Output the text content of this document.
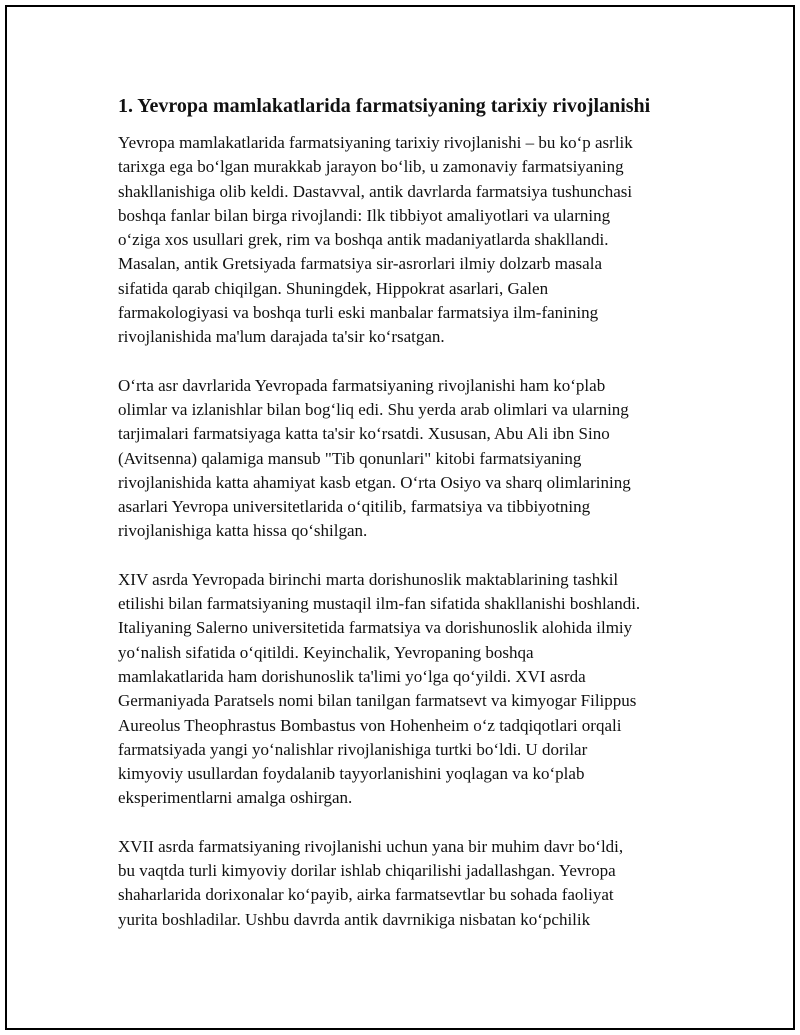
1. Yevropa mamlakatlarida farmatsiyaning tarixiy rivojlanishi

Yevropa mamlakatlarida farmatsiyaning tarixiy rivojlanishi – bu ko‘p asrlik
tarixga ega bo‘lgan murakkab jarayon bo‘lib, u zamonaviy farmatsiyaning
shakllanishiga olib keldi. Dastavval, antik davrlarda farmatsiya tushunchasi
boshqa fanlar bilan birga rivojlandi: Ilk tibbiyot amaliyotlari va ularning
o‘ziga xos usullari grek, rim va boshqa antik madaniyatlarda shakllandi.
Masalan, antik Gretsiyada farmatsiya sir-asrorlari ilmiy dolzarb masala
sifatida qarab chiqilgan. Shuningdek, Hippokrat asarlari, Galen
farmakologiyasi va boshqa turli eski manbalar farmatsiya ilm-fanining
rivojlanishida ma'lum darajada ta'sir ko‘rsatgan.

O‘rta asr davrlarida Yevropada farmatsiyaning rivojlanishi ham ko‘plab
olimlar va izlanishlar bilan bog‘liq edi. Shu yerda arab olimlari va ularning
tarjimalari farmatsiyaga katta ta'sir ko‘rsatdi. Xususan, Abu Ali ibn Sino
(Avitsenna) qalamiga mansub "Tib qonunlari" kitobi farmatsiyaning
rivojlanishida katta ahamiyat kasb etgan. O‘rta Osiyo va sharq olimlarining
asarlari Yevropa universitetlarida o‘qitilib, farmatsiya va tibbiyotning
rivojlanishiga katta hissa qo‘shilgan.

XIV asrda Yevropada birinchi marta dorishunoslik maktablarining tashkil
etilishi bilan farmatsiyaning mustaqil ilm-fan sifatida shakllanishi boshlandi.
Italiyaning Salerno universitetida farmatsiya va dorishunoslik alohida ilmiy
yo‘nalish sifatida o‘qitildi. Keyinchalik, Yevropaning boshqa
mamlakatlarida ham dorishunoslik ta'limi yo‘lga qo‘yildi. XVI asrda
Germaniyada Paratsels nomi bilan tanilgan farmatsevt va kimyogar Filippus
Aureolus Theophrastus Bombastus von Hohenheim o‘z tadqiqotlari orqali
farmatsiyada yangi yo‘nalishlar rivojlanishiga turtki bo‘ldi. U dorilar
kimyoviy usullardan foydalanib tayyorlanishini yoqlagan va ko‘plab
eksperimentlarni amalga oshirgan.

XVII asrda farmatsiyaning rivojlanishi uchun yana bir muhim davr bo‘ldi,
bu vaqtda turli kimyoviy dorilar ishlab chiqarilishi jadallashgan. Yevropa
shaharlarida dorixonalar ko‘payib, airka farmatsevtlar bu sohada faoliyat
yurita boshladilar. Ushbu davrda antik davrnikiga nisbatan ko‘pchilik
